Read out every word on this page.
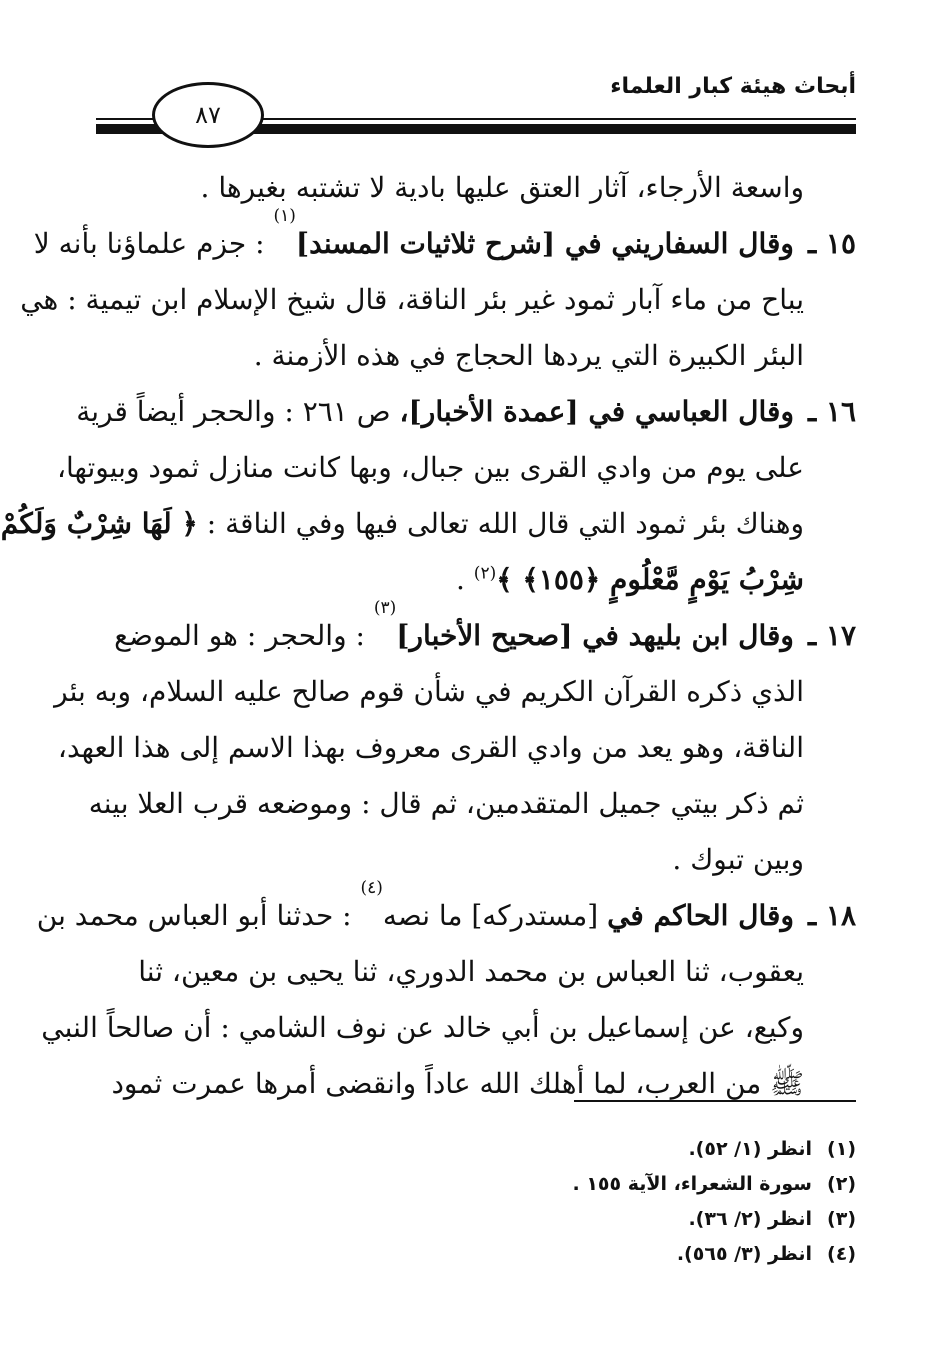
أبحاث هيئة كبار العلماء
٨٧
واسعة الأرجاء، آثار العتق عليها بادية لا تشتبه بغيرها .
١٥ ـ
وقال السفاريني في [شرح ثلاثيات المسند]
(١)

: جزم علماؤنا بأنه لا
يباح من ماء آبار ثمود غير بئر الناقة، قال شيخ الإسلام ابن تيمية : هي
البئر الكبيرة التي يردها الحجاج في هذه الأزمنة .
١٦ ـ
وقال العباسي في [عمدة الأخبار]،

ص ٢٦١ : والحجر أيضاً قرية
على يوم من وادي القرى بين جبال، وبها كانت منازل ثمود وبيوتها،
وهناك بئر ثمود التي قال الله تعالى فيها وفي الناقة : ﴿ لَهَا شِرْبٌ وَلَكُمْ
شِرْبُ يَوْمٍ مَّعْلُومٍ ﴿١٥٥﴾ ﴾$^{(٢)}$ .
١٧ ـ
وقال ابن بليهد في [صحيح الأخبار]
(٣)

: والحجر : هو الموضع
الذي ذكره القرآن الكريم في شأن قوم صالح عليه السلام، وبه بئر
الناقة، وهو يعد من وادي القرى معروف بهذا الاسم إلى هذا العهد،
ثم ذكر بيتي جميل المتقدمين، ثم قال : وموضعه قرب العلا بينه
وبين تبوك .
١٨ ـ
وقال الحاكم في

[مستدركه] ما نصه
(٤)

: حدثنا أبو العباس محمد بن
يعقوب، ثنا العباس بن محمد الدوري، ثنا يحيى بن معين، ثنا
وكيع، عن إسماعيل بن أبي خالد عن نوف الشامي : أن صالحاً النبي
ﷺ من العرب، لما أهلك الله عاداً وانقضى أمرها عمرت ثمود
(١)انظر (١/ ٥٢).
(٢)سورة الشعراء، الآية ١٥٥ .
(٣)انظر (٢/ ٣٦).
(٤)انظر (٣/ ٥٦٥).
